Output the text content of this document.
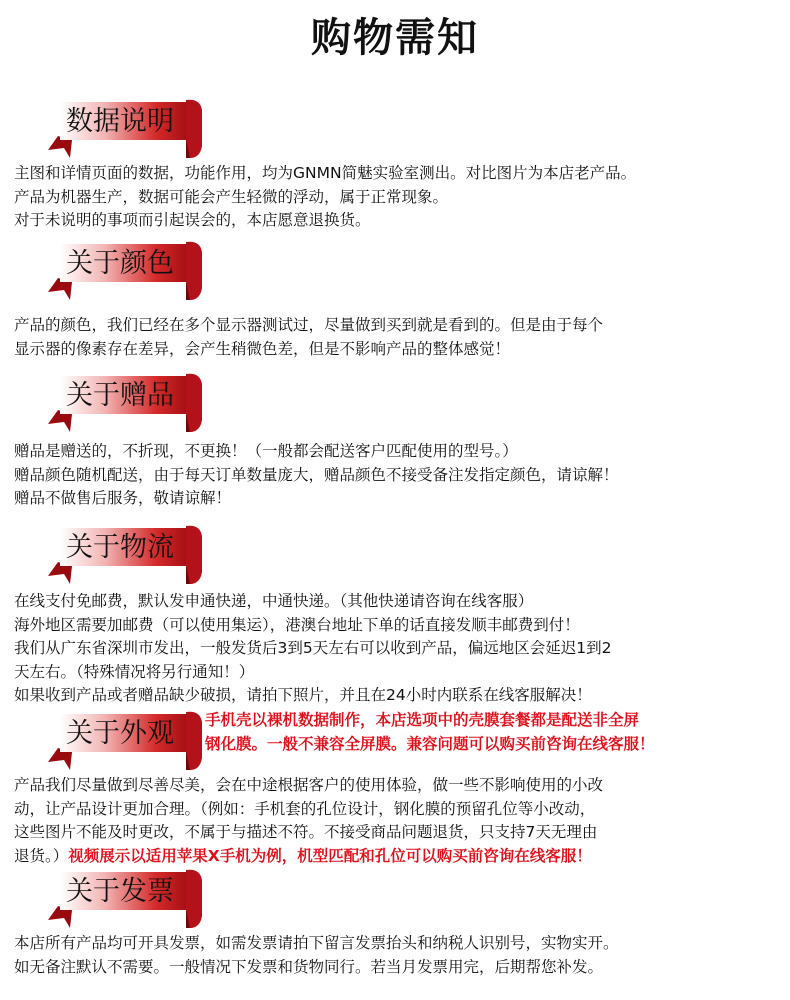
购物需知
数据说明
主图和详情页面的数据，功能作用，均为GNMN简魅实验室测出。对比图片为本店老产品。
产品为机器生产，数据可能会产生轻微的浮动，属于正常现象。
对于未说明的事项而引起误会的，本店愿意退换货。
关于颜色
产品的颜色，我们已经在多个显示器测试过，尽量做到买到就是看到的。但是由于每个
显示器的像素存在差异，会产生稍微色差，但是不影响产品的整体感觉！
关于赠品
赠品是赠送的，不折现，不更换！（一般都会配送客户匹配使用的型号。）
赠品颜色随机配送，由于每天订单数量庞大，赠品颜色不接受备注发指定颜色，请谅解！
赠品不做售后服务，敬请谅解！
关于物流
在线支付免邮费，默认发申通快递，中通快递。（其他快递请咨询在线客服）
海外地区需要加邮费（可以使用集运），港澳台地址下单的话直接发顺丰邮费到付！
我们从广东省深圳市发出，一般发货后3到5天左右可以收到产品，偏远地区会延迟1到2
天左右。（特殊情况将另行通知！）
如果收到产品或者赠品缺少破损，请拍下照片，并且在24小时内联系在线客服解决！
关于外观	手机壳以裸机数据制作，本店选项中的壳膜套餐都是配送非全屏
钢化膜。一般不兼容全屏膜。兼容问题可以购买前咨询在线客服！
产品我们尽量做到尽善尽美，会在中途根据客户的使用体验，做一些不影响使用的小改
动，让产品设计更加合理。（例如：手机套的孔位设计，钢化膜的预留孔位等小改动，
这些图片不能及时更改，不属于与描述不符。不接受商品问题退货，只支持7天无理由
退货。）视频展示以适用苹果X手机为例，机型匹配和孔位可以购买前咨询在线客服！
关于发票
本店所有产品均可开具发票，如需发票请拍下留言发票抬头和纳税人识别号，实物实开。
如无备注默认不需要。一般情况下发票和货物同行。若当月发票用完，后期帮您补发。
